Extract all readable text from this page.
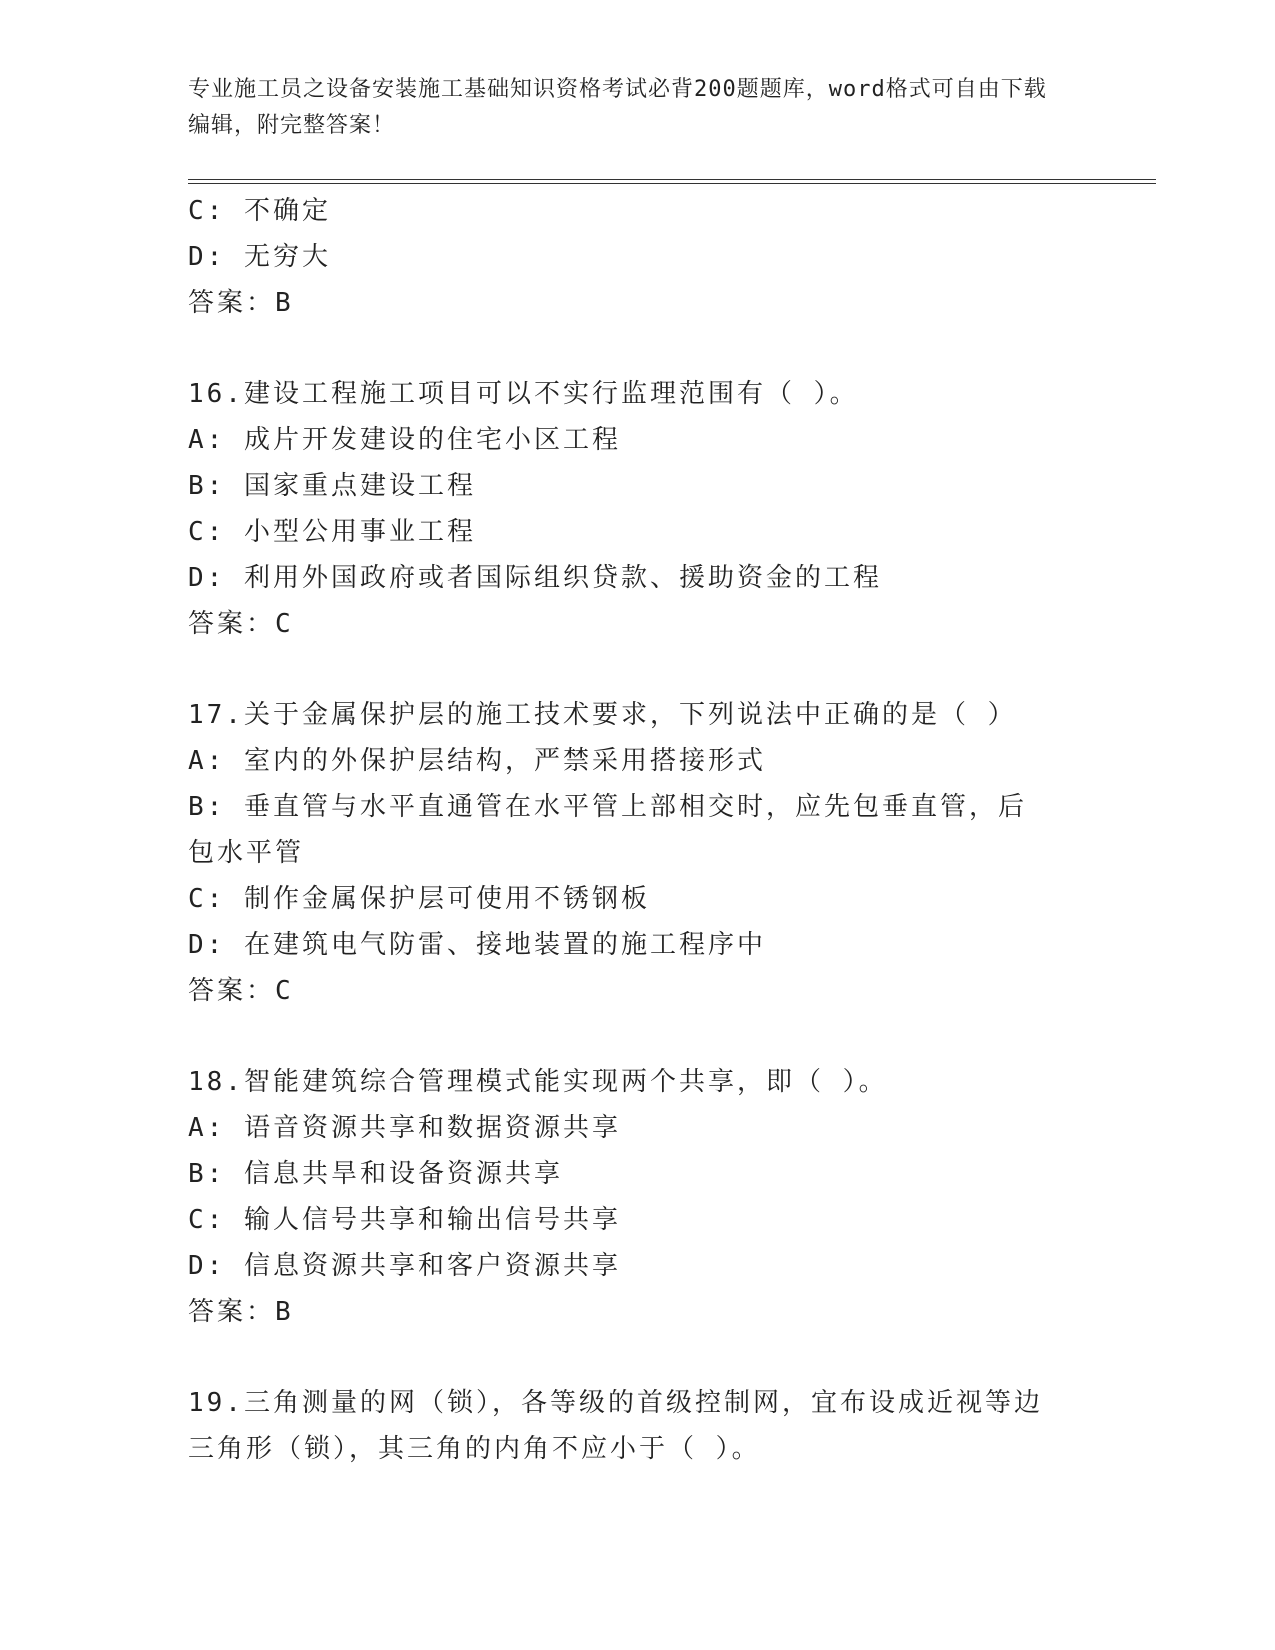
专业施工员之设备安装施工基础知识资格考试必背200题题库，word格式可自由下载编辑，附完整答案！
C: 不确定
D: 无穷大
答案：B
16.建设工程施工项目可以不实行监理范围有（ ）。
A: 成片开发建设的住宅小区工程
B: 国家重点建设工程
C: 小型公用事业工程
D: 利用外国政府或者国际组织贷款、援助资金的工程
答案：C
17.关于金属保护层的施工技术要求，下列说法中正确的是（ ）
A: 室内的外保护层结构，严禁采用搭接形式
B: 垂直管与水平直通管在水平管上部相交时，应先包垂直管，后包水平管
C: 制作金属保护层可使用不锈钢板
D: 在建筑电气防雷、接地装置的施工程序中
答案：C
18.智能建筑综合管理模式能实现两个共享，即（ ）。
A: 语音资源共享和数据资源共享
B: 信息共旱和设备资源共享
C: 输人信号共享和输出信号共享
D: 信息资源共享和客户资源共享
答案：B
19.三角测量的网（锁），各等级的首级控制网，宜布设成近视等边三角形（锁），其三角的内角不应小于（ ）。
